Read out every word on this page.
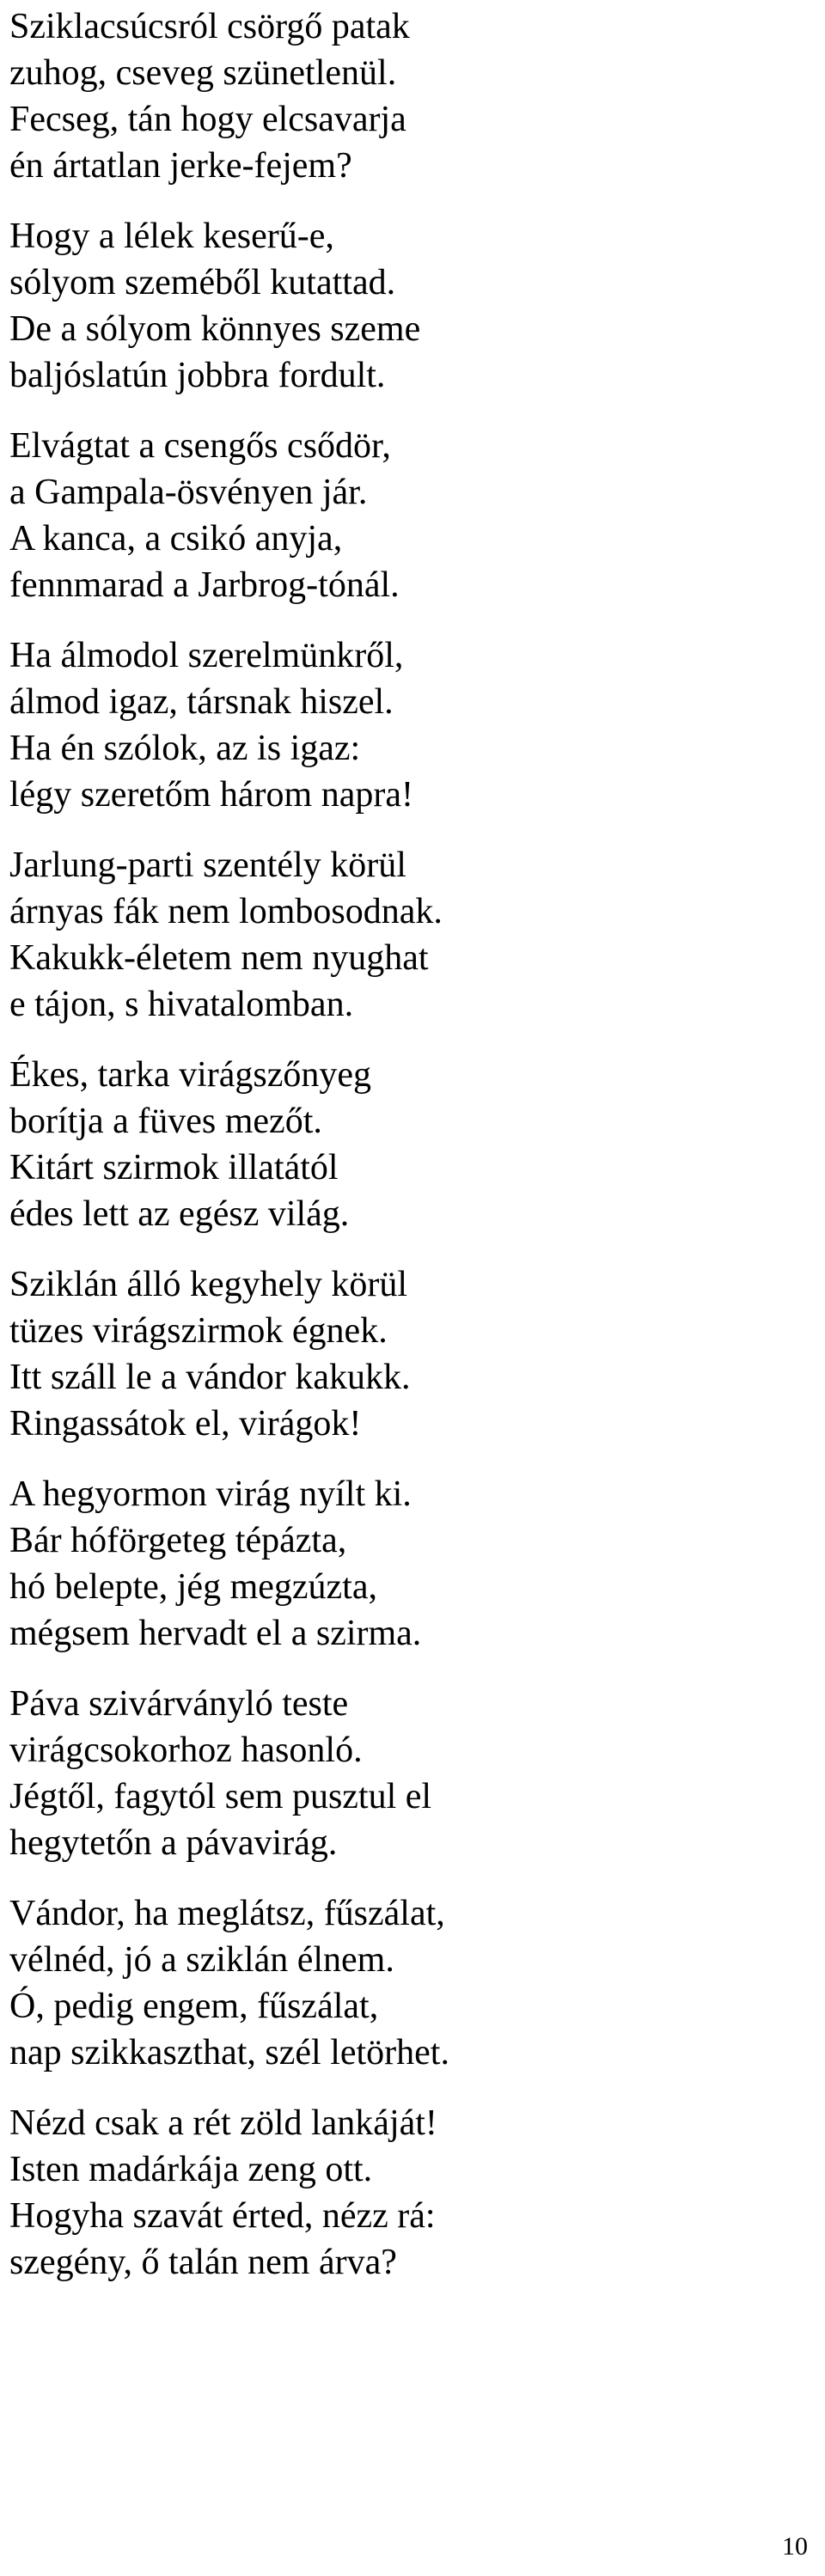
Sziklacsúcsról csörgő patak
zuhog, cseveg szünetlenül.
Fecseg, tán hogy elcsavarja
én ártatlan jerke-fejem?
Hogy a lélek keserű-e,
sólyom szeméből kutattad.
De a sólyom könnyes szeme
baljóslatún jobbra fordult.
Elvágtat a csengős csődör,
a Gampala-ösvényen jár.
A kanca, a csikó anyja,
fennmarad a Jarbrog-tónál.
Ha álmodol szerelmünkről,
álmod igaz, társnak hiszel.
Ha én szólok, az is igaz:
légy szeretőm három napra!
Jarlung-parti szentély körül
árnyas fák nem lombosodnak.
Kakukk-életem nem nyughat
e tájon, s hivatalomban.
Ékes, tarka virágszőnyeg
borítja a füves mezőt.
Kitárt szirmok illatától
édes lett az egész világ.
Sziklán álló kegyhely körül
tüzes virágszirmok égnek.
Itt száll le a vándor kakukk.
Ringassátok el, virágok!
A hegyormon virág nyílt ki.
Bár hóförgeteg tépázta,
hó belepte, jég megzúzta,
mégsem hervadt el a szirma.
Páva szivárványló teste
virágcsokorhoz hasonló.
Jégtől, fagytól sem pusztul el
hegytetőn a pávavirág.
Vándor, ha meglátsz, fűszálat,
vélnéd, jó a sziklán élnem.
Ó, pedig engem, fűszálat,
nap szikkaszthat, szél letörhet.
Nézd csak a rét zöld lankáját!
Isten madárkája zeng ott.
Hogyha szavát érted, nézz rá:
szegény, ő talán nem árva?
10
